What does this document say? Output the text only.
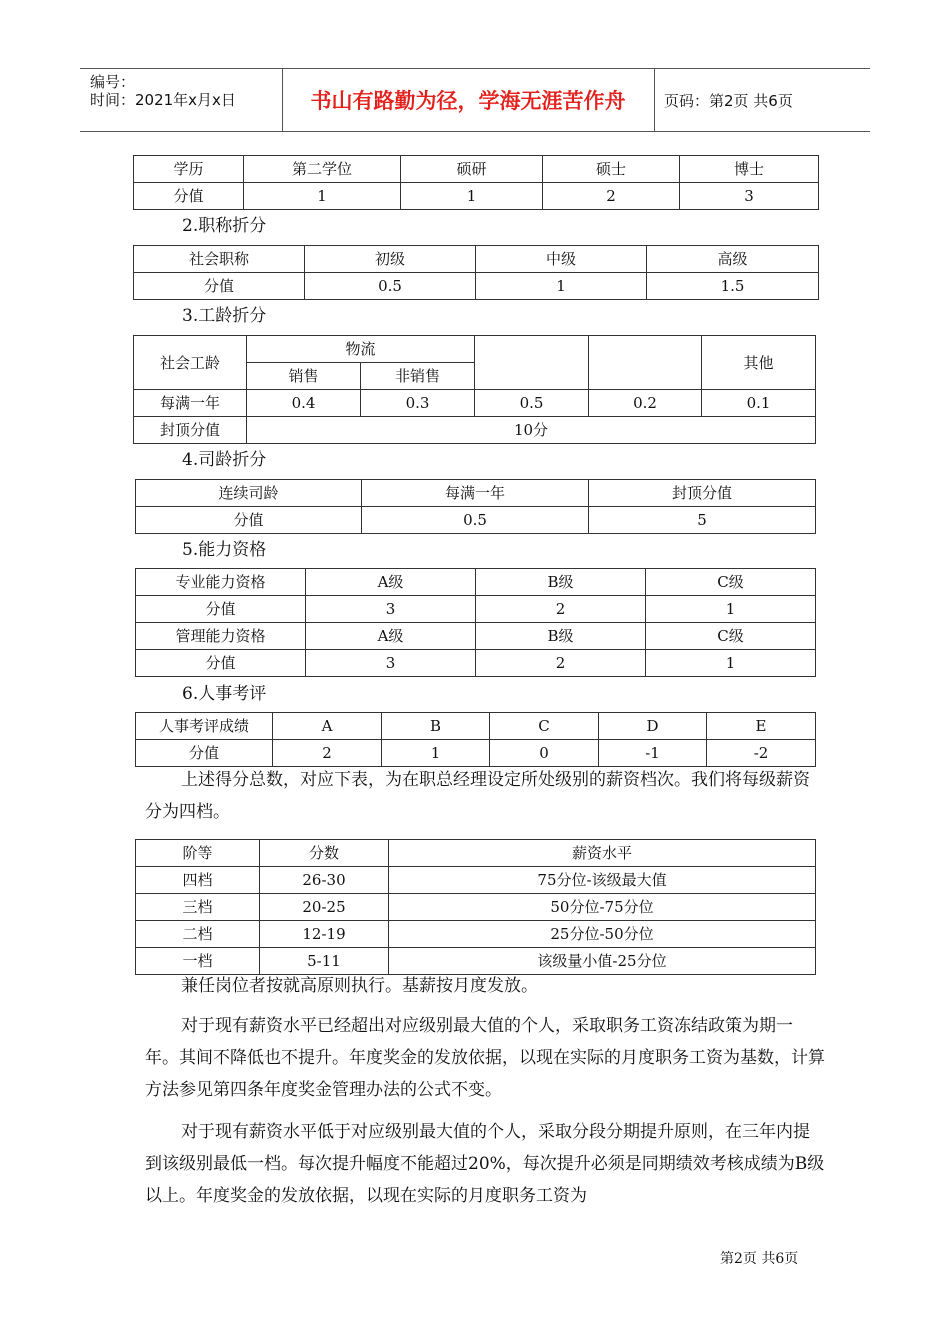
编号：
时间：2021年x月x日	书山有路勤为径，学海无涯苦作舟	页码：第2页 共6页
学历	第二学位	硕研	硕士	博士
分值	1	1	2	3
2.职称折分
社会职称	初级	中级	高级
分值	0.5	1	1.5
3.工龄折分
社会工龄	物流				其他
	销售	非销售			
每满一年	0.4	0.3	0.5	0.2	0.1
封顶分值	10分				
4.司龄折分
连续司龄	每满一年	封顶分值
分值	0.5	5
5.能力资格
专业能力资格	A级	B级	C级
分值	3	2	1
管理能力资格	A级	B级	C级
分值	3	2	1
6.人事考评
人事考评成绩	A	B	C	D	E
分值	2	1	0	-1	-2

上述得分总数，对应下表，为在职总经理设定所处级别的薪资档次。我们将每级薪资分为四档。

阶等	分数	薪资水平
四档	26-30	75分位-该级最大值
三档	20-25	50分位-75分位
二档	12-19	25分位-50分位
一档	5-11	该级量小值-25分位

兼任岗位者按就高原则执行。基薪按月度发放。

对于现有薪资水平已经超出对应级别最大值的个人，采取职务工资冻结政策为期一年。其间不降低也不提升。年度奖金的发放依据，以现在实际的月度职务工资为基数，计算方法参见第四条年度奖金管理办法的公式不变。

对于现有薪资水平低于对应级别最大值的个人，采取分段分期提升原则，在三年内提到该级别最低一档。每次提升幅度不能超过20%，每次提升必须是同期绩效考核成绩为B级以上。年度奖金的发放依据，以现在实际的月度职务工资为

第2页 共6页
